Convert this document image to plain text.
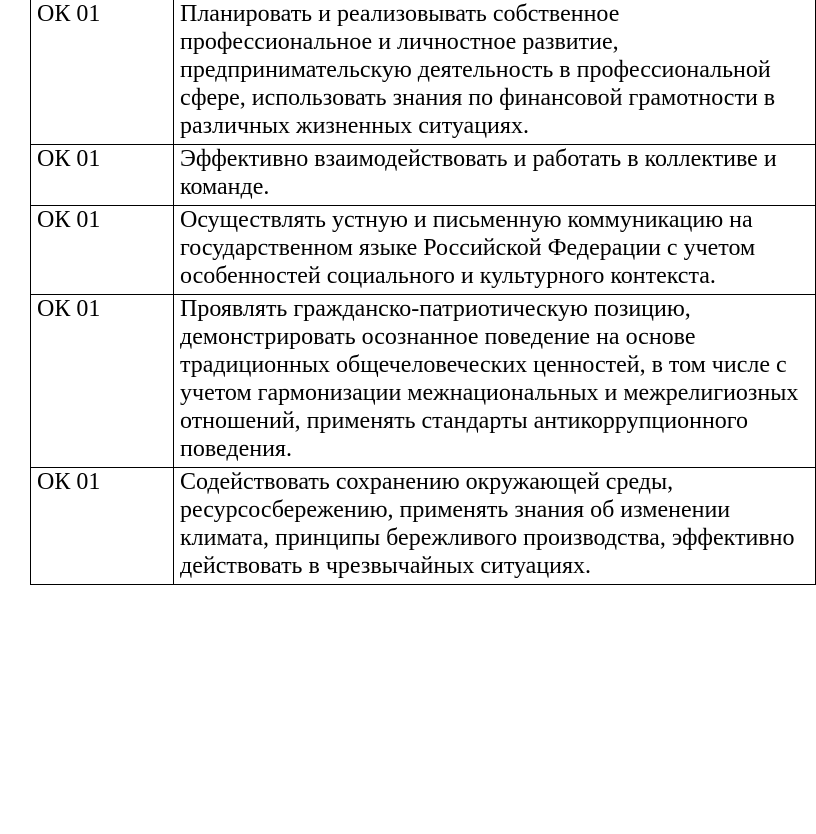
ОК 01	Планировать и реализовывать собственное профессиональное и личностное развитие, предпринимательскую деятельность в профессиональной сфере, использовать знания по финансовой грамотности в различных жизненных ситуациях.
ОК 01	Эффективно взаимодействовать и работать в коллективе и команде.
ОК 01	Осуществлять устную и письменную коммуникацию на государственном языке Российской Федерации с учетом особенностей социального и культурного контекста.
ОК 01	Проявлять гражданско-патриотическую позицию, демонстрировать осознанное поведение на основе традиционных общечеловеческих ценностей, в том числе с учетом гармонизации межнациональных и межрелигиозных отношений, применять стандарты антикоррупционного поведения.
ОК 01	Содействовать сохранению окружающей среды, ресурсосбережению, применять знания об изменении климата, принципы бережливого производства, эффективно действовать в чрезвычайных ситуациях.
